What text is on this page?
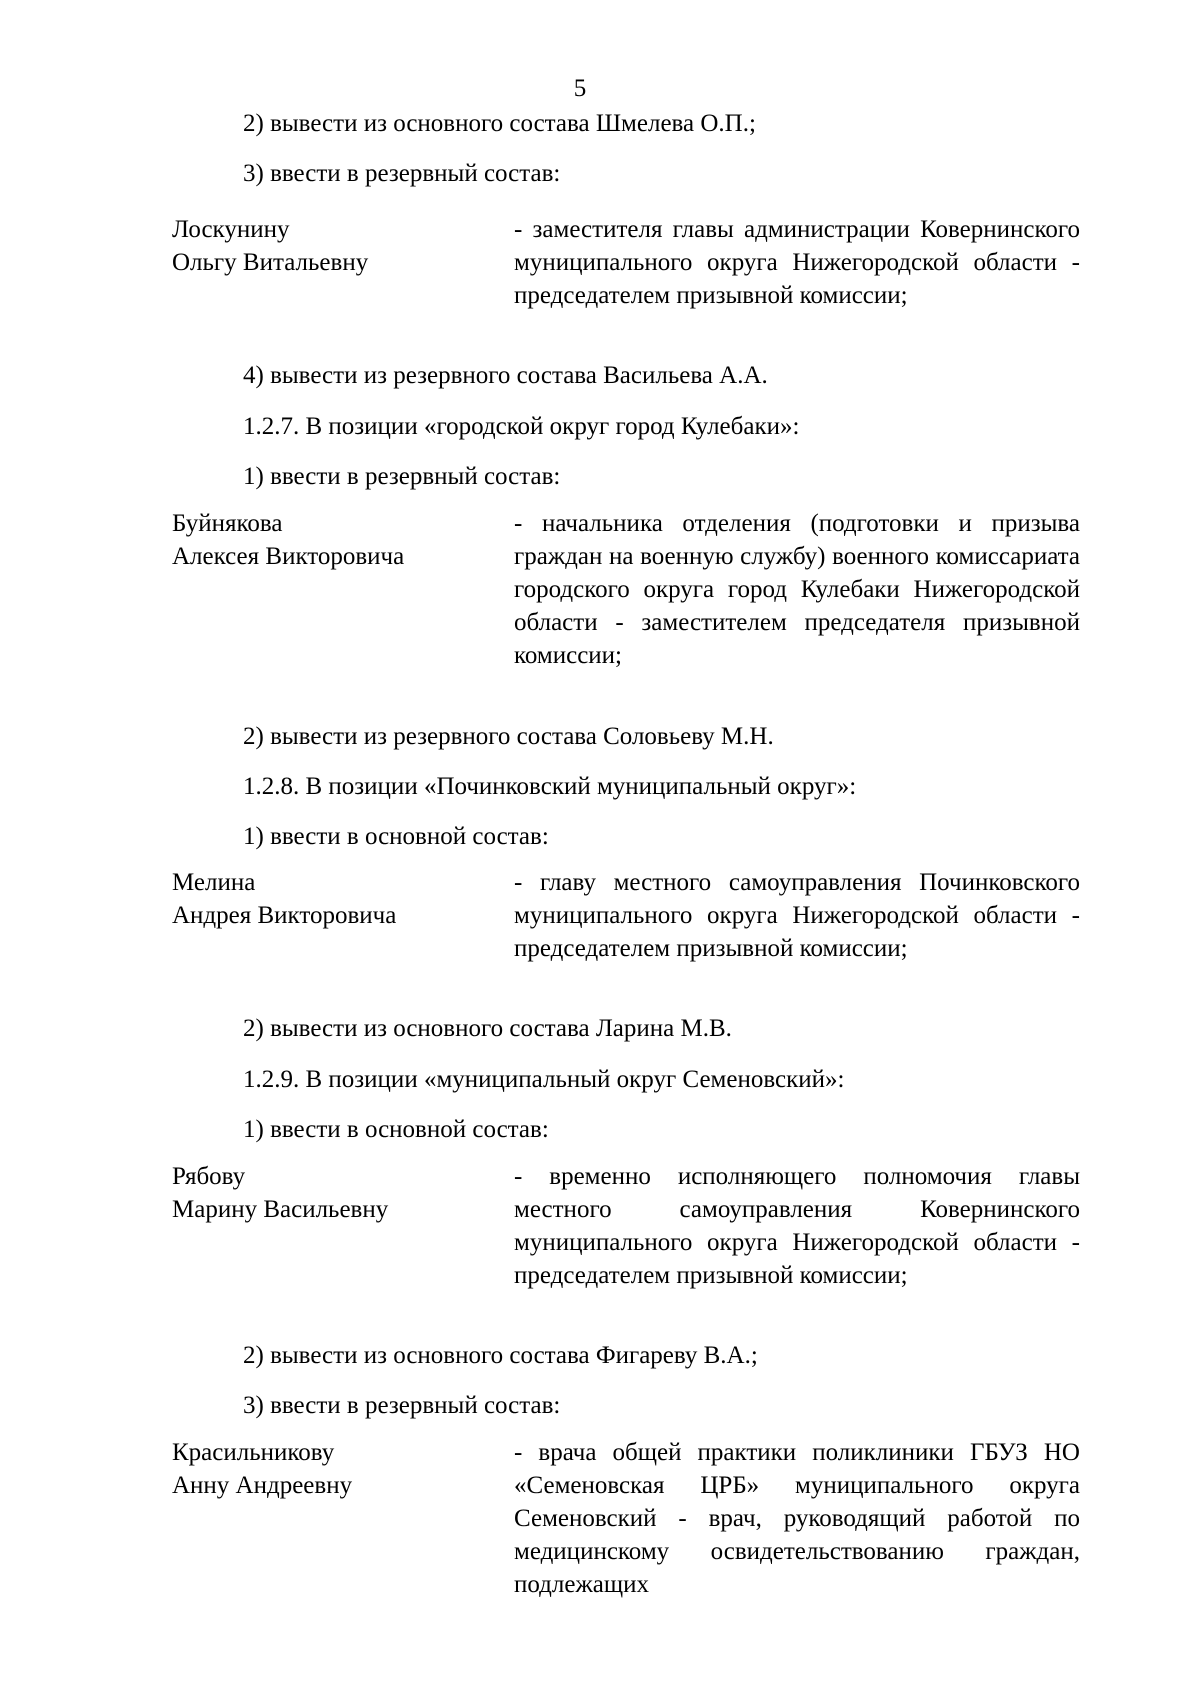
5
2) вывести из основного состава Шмелева О.П.;
3) ввести в резервный состав:
Лоскунину
Ольгу Витальевну
- заместителя главы администрации Ковернинского муниципального округа Нижегородской области - председателем призывной комиссии;
4) вывести из резервного состава Васильева А.А.
1.2.7. В позиции «городской округ город Кулебаки»:
1) ввести в резервный состав:
Буйнякова
Алексея Викторовича
- начальника отделения (подготовки и призыва граждан на военную службу) военного комиссариата городского округа город Кулебаки Нижегородской области - заместителем председателя призывной комиссии;
2) вывести из резервного состава Соловьеву М.Н.
1.2.8. В позиции «Починковский муниципальный округ»:
1) ввести в основной состав:
Мелина
Андрея Викторовича
- главу местного самоуправления Починковского муниципального округа Нижегородской области - председателем призывной комиссии;
2) вывести из основного состава Ларина М.В.
1.2.9. В позиции «муниципальный округ Семеновский»:
1) ввести в основной состав:
Рябову
Марину Васильевну
- временно исполняющего полномочия главы местного самоуправления Ковернинского муниципального округа Нижегородской области - председателем призывной комиссии;
2) вывести из основного состава Фигареву В.А.;
3) ввести в резервный состав:
Красильникову
Анну Андреевну
- врача общей практики поликлиники ГБУЗ НО «Семеновская ЦРБ» муниципального округа Семеновский - врач, руководящий работой по медицинскому освидетельствованию граждан, подлежащих
